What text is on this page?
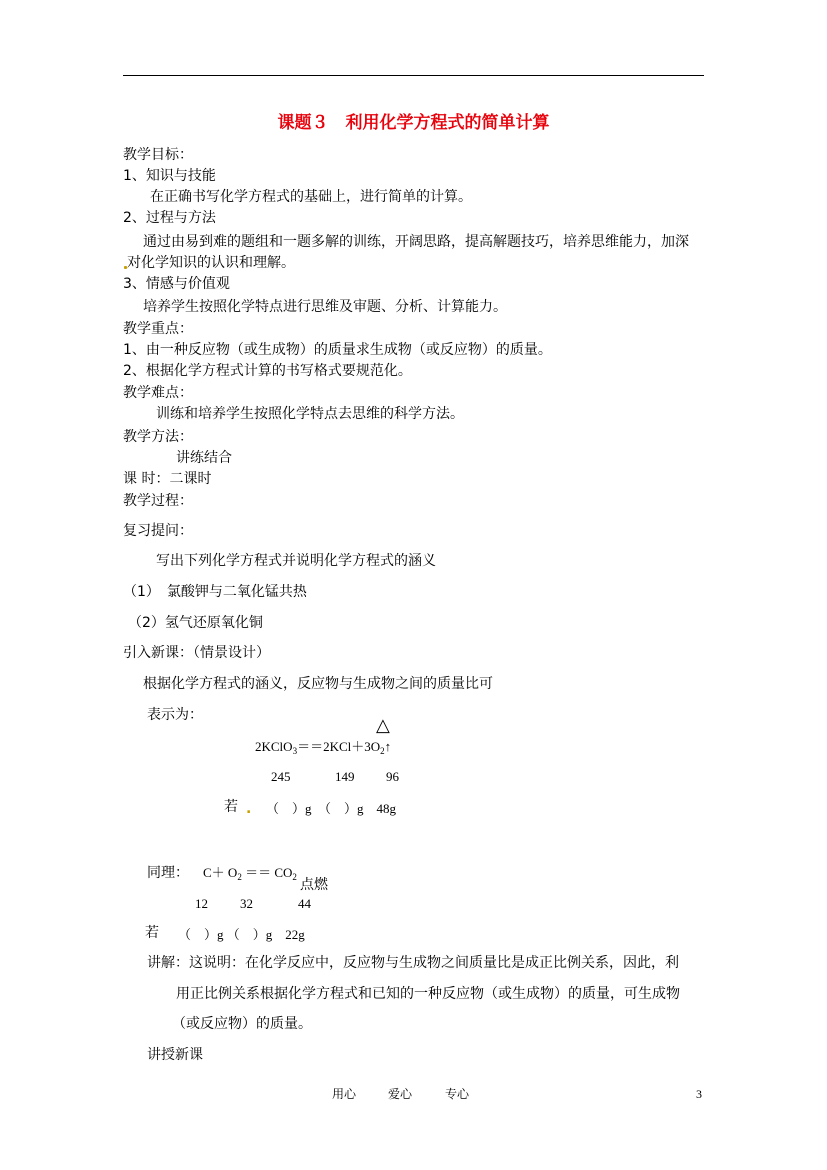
课题３　利用化学方程式的简单计算
教学目标：
1、知识与技能
在正确书写化学方程式的基础上，进行简单的计算。
2、过程与方法
通过由易到难的题组和一题多解的训练，开阔思路，提高解题技巧，培养思维能力，加深
对化学知识的认识和理解。
3、情感与价值观
培养学生按照化学特点进行思维及审题、分析、计算能力。
教学重点：
1、由一种反应物（或生成物）的质量求生成物（或反应物）的质量。
2、根据化学方程式计算的书写格式要规范化。
教学难点：
训练和培养学生按照化学特点去思维的科学方法。
教学方法：
讲练结合
课 时：二课时
教学过程：
复习提问：
写出下列化学方程式并说明化学方程式的涵义
（1）　氯酸钾与二氧化锰共热
（2）氢气还原氧化铜
引入新课：（情景设计）
根据化学方程式的涵义，反应物与生成物之间的质量比可
表示为：	△
$2KClO_3==2KCl+3O_2↑$
245	149 96
若 . （　）g　（　）g　48g
同理： $C+ O_2 == CO_2$ 点燃
12 32	44
若 （　）g （　）g　22g
讲解：这说明：在化学反应中，反应物与生成物之间质量比是成正比例关系，因此，利
用正比例关系根据化学方程式和已知的一种反应物（或生成物）的质量，可生成物
（或反应物）的质量。
讲授新课
用心	爱心	专心	3
